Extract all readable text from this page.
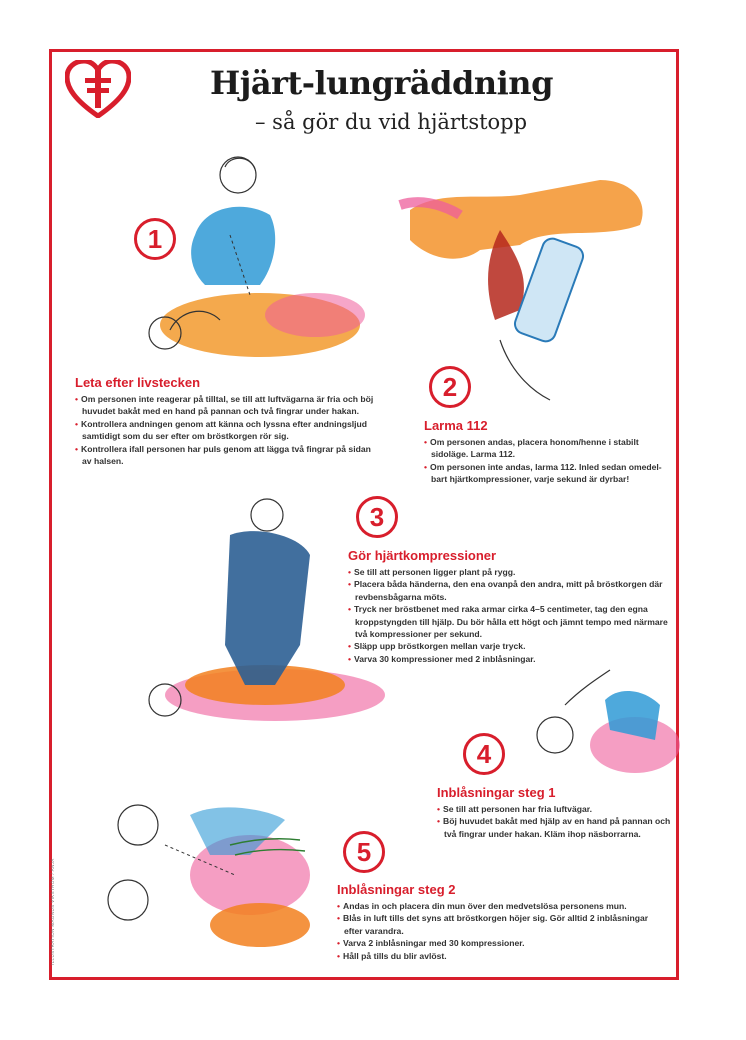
Hjärt-lungräddning
– så gör du vid hjärtstopp
1
2
3
4
5
Leta efter livstecken
• Om personen inte reagerar på tilltal, se till att luftvägarna är fria och böj huvudet bakåt med en hand på pannan och två fingrar under hakan.
• Kontrollera andningen genom att känna och lyssna efter andningsljud samtidigt som du ser efter om bröstkorgen rör sig.
• Kontrollera ifall personen har puls genom att lägga två fingrar på sidan av halsen.
Larma 112
• Om personen andas, placera honom/henne i stabilt sidoläge. Larma 112.
• Om personen inte andas, larma 112. Inled sedan omedelbart hjärtkompressioner, varje sekund är dyrbar!
Gör hjärtkompressioner
• Se till att personen ligger plant på rygg.
• Placera båda händerna, den ena ovanpå den andra, mitt på bröstkorgen där revbensbågarna möts.
• Tryck ner bröstbenet med raka armar cirka 4–5 centimeter, tag den egna kroppstyngden till hjälp. Du bör hålla ett högt och jämnt tempo med närmare två kompressioner per sekund.
• Släpp upp bröstkorgen mellan varje tryck.
• Varva 30 kompressioner med 2 inblåsningar.
Inblåsningar steg 1
• Se till att personen har fria luftvägar.
• Böj huvudet bakåt med hjälp av en hand på pannan och två fingrar under hakan. Kläm ihop näsborrarna.
Inblåsningar steg 2
• Andas in och placera din mun över den medvetslösa personens mun.
• Blås in luft tills det syns att bröstkorgen höjer sig. Gör alltid 2 inblåsningar efter varandra.
• Varva 2 inblåsningar med 30 kompressioner.
• Håll på tills du blir avlöst.
ILLUSTRATION MAGNUS VIKSTRÖM / ANJA
